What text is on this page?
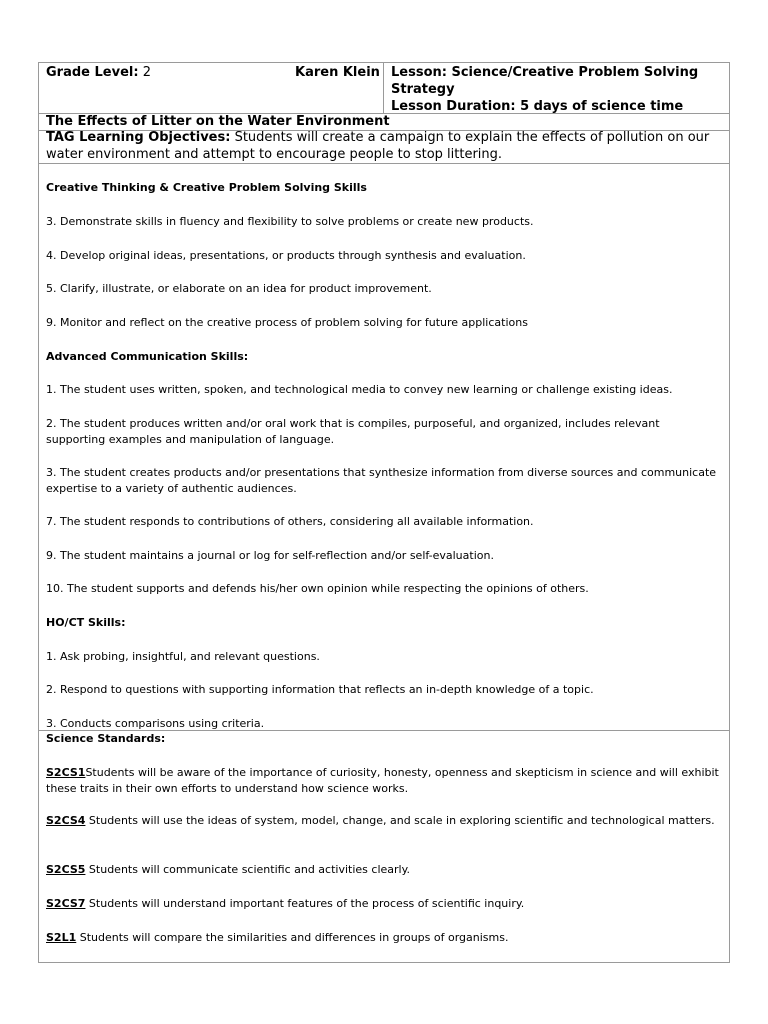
Grade Level: 2	Karen Klein Lesson: Science/Creative Problem Solving Strategy
Lesson Duration: 5 days of science time
The Effects of Litter on the Water Environment
TAG Learning Objectives: Students will create a campaign to explain the effects of pollution on our water environment and attempt to encourage people to stop littering.
Creative Thinking & Creative Problem Solving Skills
3. Demonstrate skills in fluency and flexibility to solve problems or create new products.
4. Develop original ideas, presentations, or products through synthesis and evaluation.
5. Clarify, illustrate, or elaborate on an idea for product improvement.
9. Monitor and reflect on the creative process of problem solving for future applications
Advanced Communication Skills:
1. The student uses written, spoken, and technological media to convey new learning or challenge existing ideas.
2. The student produces written and/or oral work that is compiles, purposeful, and organized, includes relevant supporting examples and manipulation of language.
3. The student creates products and/or presentations that synthesize information from diverse sources and communicate expertise to a variety of authentic audiences.
7. The student responds to contributions of others, considering all available information.
9. The student maintains a journal or log for self-reflection and/or self-evaluation.
10. The student supports and defends his/her own opinion while respecting the opinions of others.
HO/CT Skills:
1. Ask probing, insightful, and relevant questions.
2. Respond to questions with supporting information that reflects an in-depth knowledge of a topic.
3. Conducts comparisons using criteria.
Science Standards:
S2CS1Students will be aware of the importance of curiosity, honesty, openness and skepticism in science and will exhibit these traits in their own efforts to understand how science works.
S2CS4 Students will use the ideas of system, model, change, and scale in exploring scientific and technological matters.
S2CS5 Students will communicate scientific and activities clearly.
S2CS7 Students will understand important features of the process of scientific inquiry.
S2L1 Students will compare the similarities and differences in groups of organisms.
